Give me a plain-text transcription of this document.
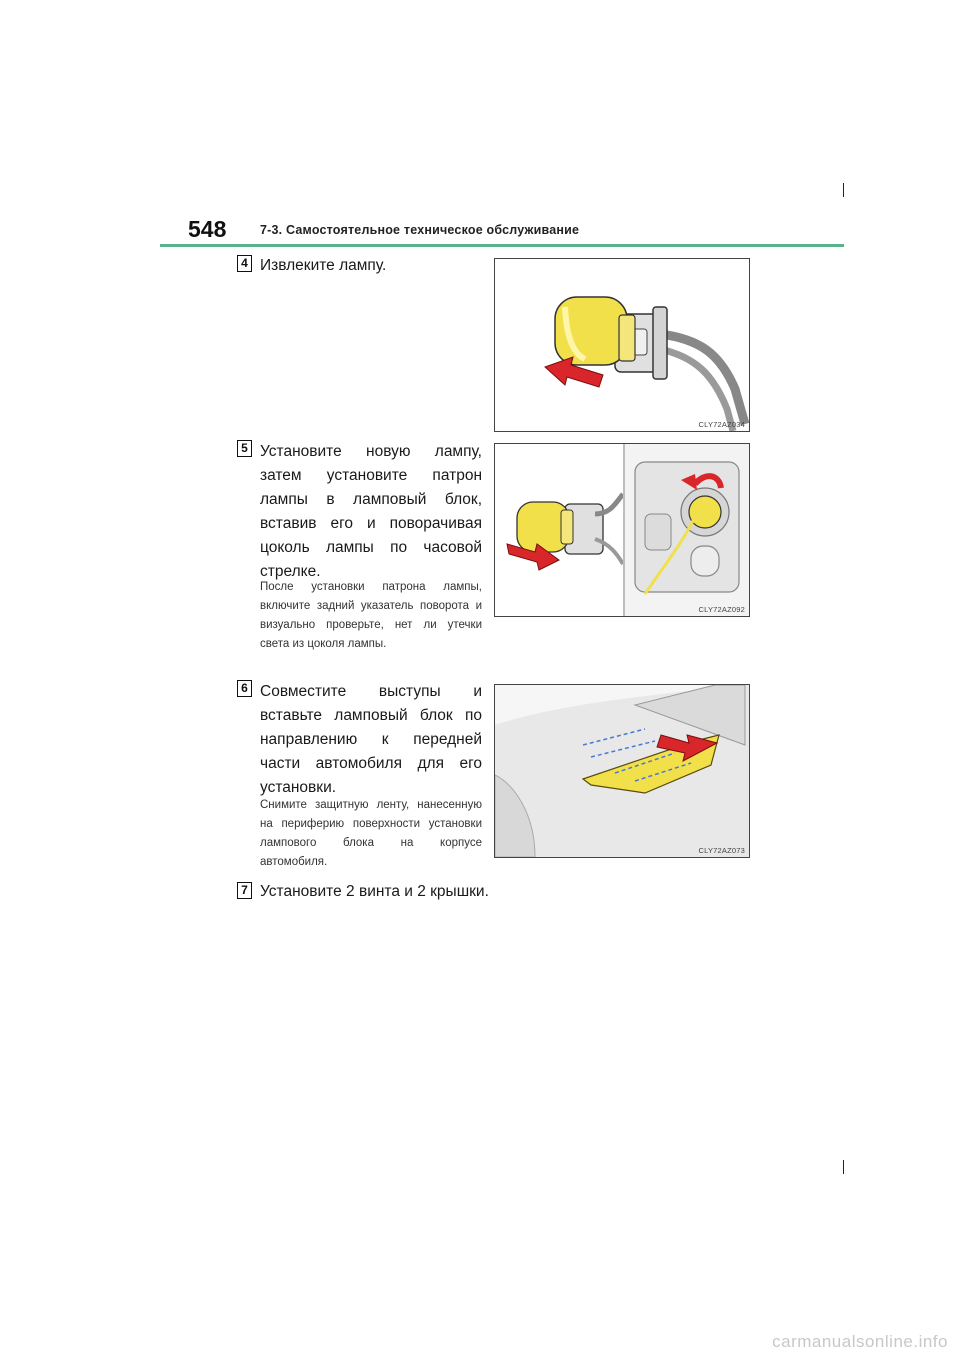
548	7-3. Самостоятельное техническое обслуживание
4 Извлеките лампу.
CLY72AZ034
5 Установите новую лампу, затем установите патрон лампы в ламповый блок, вставив его и поворачивая цоколь лампы по часовой стрелке.
После установки патрона лампы, включите задний указатель поворота и визуально проверьте, нет ли утечки света из цоколя лампы.
CLY72AZ092
6 Совместите выступы и вставьте ламповый блок по направлению к передней части автомобиля для его установки.
Снимите защитную ленту, нанесенную на периферию поверхности установки лампового блока на корпусе автомобиля.
CLY72AZ073
7 Установите 2 винта и 2 крышки.
carmanualsonline.info
